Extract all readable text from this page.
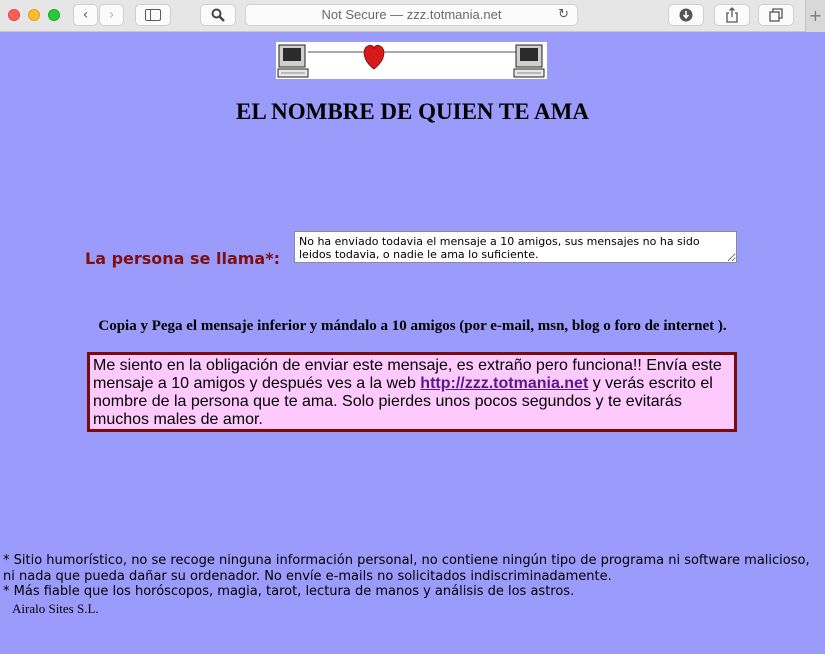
‹ ›	Not Secure — zzz.totmania.net	↻	+
EL NOMBRE DE QUIEN TE AMA
La persona se llama*:
No ha enviado todavia el mensaje a 10 amigos, sus mensajes no ha sido leidos todavia, o nadie le ama lo suficiente.
Copia y Pega el mensaje inferior y mándalo a 10 amigos (por e-mail, msn, blog o foro de internet ).
Me siento en la obligación de enviar este mensaje, es extraño pero funciona!! Envía este mensaje a 10 amigos y después ves a la web http://zzz.totmania.net y verás escrito el nombre de la persona que te ama. Solo pierdes unos pocos segundos y te evitarás muchos males de amor.
* Sitio humorístico, no se recoge ninguna información personal, no contiene ningún tipo de programa ni software malicioso, ni nada que pueda dañar su ordenador. No envíe e-mails no solicitados indiscriminadamente.
* Más fiable que los horóscopos, magia, tarot, lectura de manos y análisis de los astros.
Airalo Sites S.L.
